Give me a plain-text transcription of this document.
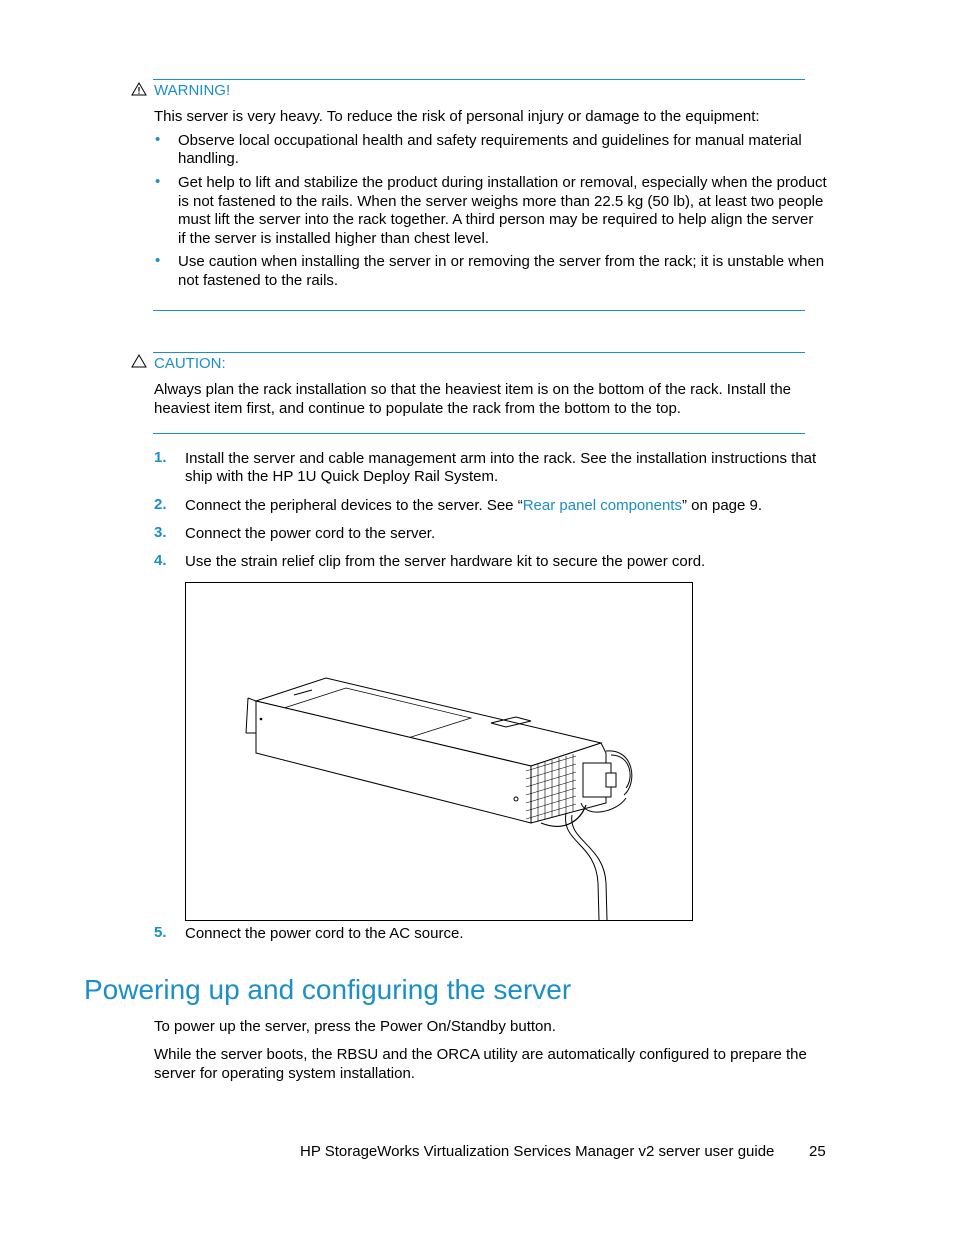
WARNING!
This server is very heavy. To reduce the risk of personal injury or damage to the equipment:
• Observe local occupational health and safety requirements and guidelines for manual material
handling.
• Get help to lift and stabilize the product during installation or removal, especially when the product
is not fastened to the rails. When the server weighs more than 22.5 kg (50 lb), at least two people
must lift the server into the rack together. A third person may be required to help align the server
if the server is installed higher than chest level.
• Use caution when installing the server in or removing the server from the rack; it is unstable when
not fastened to the rails.
CAUTION:
Always plan the rack installation so that the heaviest item is on the bottom of the rack. Install the
heaviest item first, and continue to populate the rack from the bottom to the top.
1. Install the server and cable management arm into the rack. See the installation instructions that
ship with the HP 1U Quick Deploy Rail System.
2. Connect the peripheral devices to the server. See “Rear panel components” on page 9.
3. Connect the power cord to the server.
4. Use the strain relief clip from the server hardware kit to secure the power cord.
5. Connect the power cord to the AC source.
Powering up and configuring the server
To power up the server, press the Power On/Standby button.
While the server boots, the RBSU and the ORCA utility are automatically configured to prepare the
server for operating system installation.
HP StorageWorks Virtualization Services Manager v2 server user guide 25
